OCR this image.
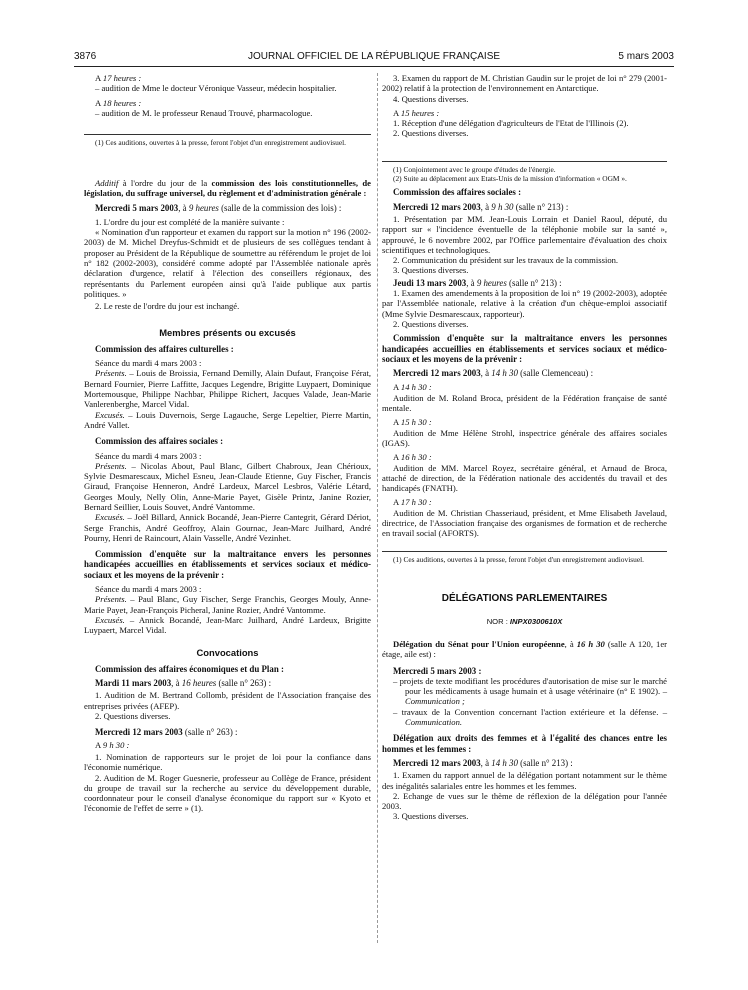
3876	JOURNAL OFFICIEL DE LA RÉPUBLIQUE FRANÇAISE	5 mars 2003

A 17 heures :

– audition de Mme le docteur Véronique Vasseur, médecin hospitalier.

A 18 heures :

– audition de M. le professeur Renaud Trouvé, pharmacologue.

(1) Ces auditions, ouvertes à la presse, feront l'objet d'un enregistrement audiovisuel.

Additif à l'ordre du jour de la commission des lois constitutionnelles, de législation, du suffrage universel, du règlement et d'administration générale :

Mercredi 5 mars 2003, à 9 heures (salle de la commission des lois) :

1. L'ordre du jour est complété de la manière suivante :

« Nomination d'un rapporteur et examen du rapport sur la motion n° 196 (2002-2003) de M. Michel Dreyfus-Schmidt et de plusieurs de ses collègues tendant à proposer au Président de la République de soumettre au référendum le projet de loi n° 182 (2002-2003), considéré comme adopté par l'Assemblée nationale après déclaration d'urgence, relatif à l'élection des conseillers régionaux, des représentants du Parlement européen ainsi qu'à l'aide publique aux partis politiques. »

2. Le reste de l'ordre du jour est inchangé.

Membres présents ou excusés

Commission des affaires culturelles :

Séance du mardi 4 mars 2003 :

Présents. – Louis de Broissia, Fernand Demilly, Alain Dufaut, Françoise Férat, Bernard Fournier, Pierre Laffitte, Jacques Legendre, Brigitte Luypaert, Dominique Mortemousque, Philippe Nachbar, Philippe Richert, Jacques Valade, Jean-Marie Vanlerenberghe, Marcel Vidal.

Excusés. – Louis Duvernois, Serge Lagauche, Serge Lepeltier, Pierre Martin, André Vallet.

Commission des affaires sociales :

Séance du mardi 4 mars 2003 :

Présents. – Nicolas About, Paul Blanc, Gilbert Chabroux, Jean Chérioux, Sylvie Desmarescaux, Michel Esneu, Jean-Claude Etienne, Guy Fischer, Francis Giraud, Françoise Henneron, André Lardeux, Marcel Lesbros, Valérie Létard, Georges Mouly, Nelly Olin, Anne-Marie Payet, Gisèle Printz, Janine Rozier, Bernard Seillier, Louis Souvet, André Vantomme.

Excusés. – Joël Billard, Annick Bocandé, Jean-Pierre Cantegrit, Gérard Dériot, Serge Franchis, André Geoffroy, Alain Gournac, Jean-Marc Juilhard, André Pourny, Henri de Raincourt, Alain Vasselle, André Vezinhet.

Commission d'enquête sur la maltraitance envers les personnes handicapées accueillies en établissements et services sociaux et médico-sociaux et les moyens de la prévenir :

Séance du mardi 4 mars 2003 :

Présents. – Paul Blanc, Guy Fischer, Serge Franchis, Georges Mouly, Anne-Marie Payet, Jean-François Picheral, Janine Rozier, André Vantomme.

Excusés. – Annick Bocandé, Jean-Marc Juilhard, André Lardeux, Brigitte Luypaert, Marcel Vidal.

Convocations

Commission des affaires économiques et du Plan :

Mardi 11 mars 2003, à 16 heures (salle n° 263) :

1. Audition de M. Bertrand Collomb, président de l'Association française des entreprises privées (AFEP).

2. Questions diverses.

Mercredi 12 mars 2003 (salle n° 263) :

A 9 h 30 :

1. Nomination de rapporteurs sur le projet de loi pour la confiance dans l'économie numérique.

2. Audition de M. Roger Guesnerie, professeur au Collège de France, président du groupe de travail sur la recherche au service du développement durable, coordonnateur pour le conseil d'analyse économique du rapport sur « Kyoto et l'économie de l'effet de serre » (1).

3. Examen du rapport de M. Christian Gaudin sur le projet de loi n° 279 (2001-2002) relatif à la protection de l'environnement en Antarctique.

4. Questions diverses.

A 15 heures :

1. Réception d'une délégation d'agriculteurs de l'Etat de l'Illinois (2).

2. Questions diverses.

(1) Conjointement avec le groupe d'études de l'énergie.

(2) Suite au déplacement aux Etats-Unis de la mission d'information « OGM ».

Commission des affaires sociales :

Mercredi 12 mars 2003, à 9 h 30 (salle n° 213) :

1. Présentation par MM. Jean-Louis Lorrain et Daniel Raoul, député, du rapport sur « l'incidence éventuelle de la téléphonie mobile sur la santé », approuvé, le 6 novembre 2002, par l'Office parlementaire d'évaluation des choix scientifiques et technologiques.

2. Communication du président sur les travaux de la commission.

3. Questions diverses.

Jeudi 13 mars 2003, à 9 heures (salle n° 213) :

1. Examen des amendements à la proposition de loi n° 19 (2002-2003), adoptée par l'Assemblée nationale, relative à la création d'un chèque-emploi associatif (Mme Sylvie Desmarescaux, rapporteur).

2. Questions diverses.

Commission d'enquête sur la maltraitance envers les personnes handicapées accueillies en établissements et services sociaux et médico-sociaux et les moyens de la prévenir :

Mercredi 12 mars 2003, à 14 h 30 (salle Clemenceau) :

A 14 h 30 :

Audition de M. Roland Broca, président de la Fédération française de santé mentale.

A 15 h 30 :

Audition de Mme Hélène Strohl, inspectrice générale des affaires sociales (IGAS).

A 16 h 30 :

Audition de MM. Marcel Royez, secrétaire général, et Arnaud de Broca, attaché de direction, de la Fédération nationale des accidentés du travail et des handicapés (FNATH).

A 17 h 30 :

Audition de M. Christian Chasseriaud, président, et Mme Elisabeth Javelaud, directrice, de l'Association française des organismes de formation et de recherche en travail social (AFORTS).

(1) Ces auditions, ouvertes à la presse, feront l'objet d'un enregistrement audiovisuel.

DÉLÉGATIONS PARLEMENTAIRES

NOR : INPX0300610X

Délégation du Sénat pour l'Union européenne, à 16 h 30 (salle A 120, 1er étage, aile est) :

Mercredi 5 mars 2003 :

– projets de texte modifiant les procédures d'autorisation de mise sur le marché pour les médicaments à usage humain et à usage vétérinaire (n° E 1902). – Communication ;

– travaux de la Convention concernant l'action extérieure et la défense. – Communication.

Délégation aux droits des femmes et à l'égalité des chances entre les hommes et les femmes :

Mercredi 12 mars 2003, à 14 h 30 (salle n° 213) :

1. Examen du rapport annuel de la délégation portant notamment sur le thème des inégalités salariales entre les hommes et les femmes.

2. Echange de vues sur le thème de réflexion de la délégation pour l'année 2003.

3. Questions diverses.
